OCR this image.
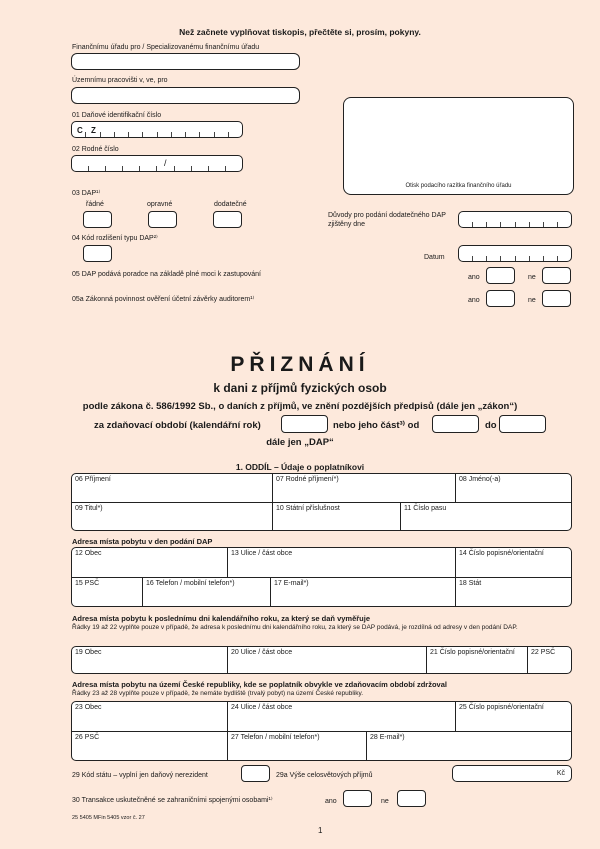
Než začnete vyplňovat tiskopis, přečtěte si, prosím, pokyny.
Finančnímu úřadu pro / Specializovanému finančnímu úřadu
Územnímu pracovišti v, ve, pro
01 Daňové identifikační číslo
C Z
02 Rodné číslo
/
Otisk podacího razítka finančního úřadu
03 DAP¹⁾
řádné	opravné	dodatečné
Důvody pro podání dodatečného DAP zjištěny dne
04 Kód rozlišení typu DAP²⁾
Datum
05 DAP podává poradce na základě plné moci k zastupování	ano	ne
05a Zákonná povinnost ověření účetní závěrky auditorem¹⁾	ano	ne
PŘIZNÁNÍ
k dani z příjmů fyzických osob
podle zákona č. 586/1992 Sb., o daních z příjmů, ve znění pozdějších předpisů (dále jen „zákon“)
za zdaňovací období (kalendářní rok)	nebo jeho část³⁾ od	do
dále jen „DAP“
1. ODDÍL – Údaje o poplatníkovi
06 Příjmení	07 Rodné příjmení*)	08 Jméno(-a)
09 Titul*)	10 Státní příslušnost	11 Číslo pasu
Adresa místa pobytu v den podání DAP
12 Obec	13 Ulice / část obce	14 Číslo popisné/orientační
15 PSČ	16 Telefon / mobilní telefon*)	17 E-mail*)	18 Stát
Adresa místa pobytu k poslednímu dni kalendářního roku, za který se daň vyměřuje
Řádky 19 až 22 vyplňte pouze v případě, že adresa k poslednímu dni kalendářního roku, za který se DAP podává, je rozdílná od adresy v den podání DAP.
19 Obec	20 Ulice / část obce	21 Číslo popisné/orientační 22 PSČ
Adresa místa pobytu na území České republiky, kde se poplatník obvykle ve zdaňovacím období zdržoval
Řádky 23 až 28 vyplňte pouze v případě, že nemáte bydliště (trvalý pobyt) na území České republiky.
23 Obec	24 Ulice / část obce	25 Číslo popisné/orientační
26 PSČ	27 Telefon / mobilní telefon*)	28 E-mail*)
29 Kód státu – vyplní jen daňový nerezident	29a Výše celosvětových příjmů	Kč
30 Transakce uskutečněné se zahraničními spojenými osobami¹⁾	ano	ne
25 5405 MFin 5405 vzor č. 27
1
